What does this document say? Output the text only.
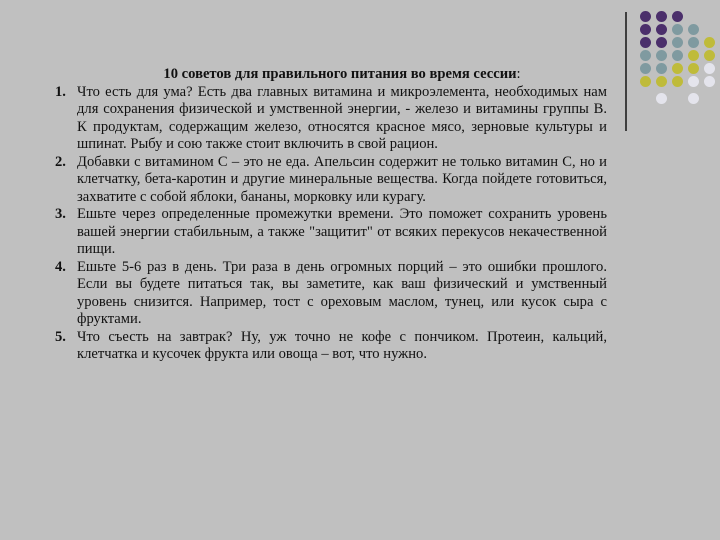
10 советов для правильного питания во время сессии:
1. Что есть для ума? Есть два главных витамина и микроэлемента, необходимых нам для сохранения физической и умственной энергии, - железо и витамины группы В. К продуктам, содержащим железо, относятся красное мясо, зерновые культуры и шпинат. Рыбу и сою также стоит включить в свой рацион.
2. Добавки с витамином С – это не еда. Апельсин содержит не только витамин С, но и клетчатку, бета-каротин и другие минеральные вещества. Когда пойдете готовиться, захватите с собой яблоки, бананы, морковку или курагу.
3. Ешьте через определенные промежутки времени. Это поможет сохранить уровень вашей энергии стабильным, а также "защитит" от всяких перекусов некачественной пищи.
4. Ешьте 5-6 раз в день. Три раза в день огромных порций – это ошибки прошлого. Если вы будете питаться так, вы заметите, как ваш физический и умственный уровень снизится. Например, тост с ореховым маслом, тунец, или кусок сыра с фруктами.
5. Что съесть на завтрак? Ну, уж точно не кофе с пончиком. Протеин, кальций, клетчатка и кусочек фрукта или овоща – вот, что нужно.
